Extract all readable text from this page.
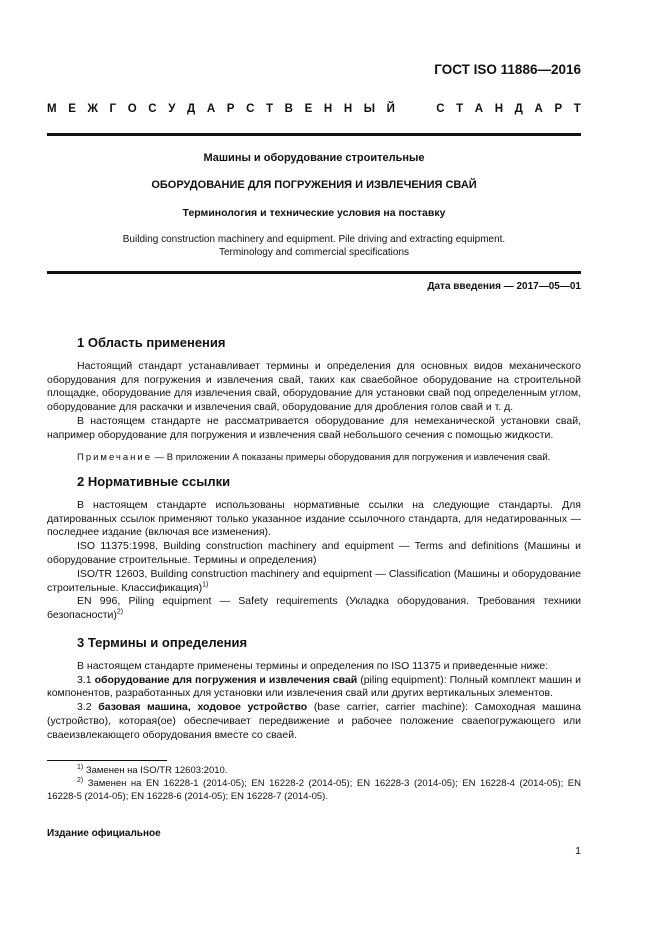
ГОСТ ISO 11886—2016
М Е Ж Г О С У Д А Р С Т В Е Н Н Ы Й

	С Т А Н Д А Р Т
Машины и оборудование строительные
ОБОРУДОВАНИЕ ДЛЯ ПОГРУЖЕНИЯ И ИЗВЛЕЧЕНИЯ СВАЙ
Терминология и технические условия на поставку
Building construction machinery and equipment. Pile driving and extracting equipment.
Terminology and commercial specifications
Дата введения — 2017—05—01
1 Область применения

Настоящий стандарт устанавливает термины и определения для основных видов механического оборудования для погружения и извлечения свай, таких как сваебойное оборудование на строительной площадке, оборудование для извлечения свай, оборудование для установки свай под определенным углом, оборудование для раскачки и извлечения свай, оборудование для дробления голов свай и т. д.

В настоящем стандарте не рассматривается оборудование для немеханической установки свай, например оборудование для погружения и извлечения свай небольшого сечения с помощью жидкости.

Примечание — В приложении А показаны примеры оборудования для погружения и извлечения свай.
2 Нормативные ссылки

В настоящем стандарте использованы нормативные ссылки на следующие стандарты. Для датированных ссылок применяют только указанное издание ссылочного стандарта, для недатированных — последнее издание (включая все изменения).

ISO 11375:1998, Building construction machinery and equipment — Terms and definitions (Машины и оборудование строительные. Термины и определения)

ISO/TR 12603, Building construction machinery and equipment — Classification (Машины и оборудование строительные. Классификация)$^{1)}$

EN 996, Piling equipment — Safety requirements (Укладка оборудования. Требования техники безопасности)$^{2)}$

3 Термины и определения

В настоящем стандарте применены термины и определения по ISO 11375 и приведенные ниже:

3.1 оборудование для погружения и извлечения свай (piling equipment): Полный комплект машин и компонентов, разработанных для установки или извлечения свай или других вертикальных элементов.

3.2 базовая машина, ходовое устройство (base carrier, carrier machine): Самоходная машина (устройство), которая(ое) обеспечивает передвижение и рабочее положение свaепогружающего или сваеизвлекающего оборудования вместе со сваей.

$^{1)}$ Заменен на ISO/TR 12603:2010.

$^{2)}$ Заменен на EN 16228-1 (2014-05); EN 16228-2 (2014-05); EN 16228-3 (2014-05); EN 16228-4 (2014-05); EN 16228-5 (2014-05); EN 16228-6 (2014-05); EN 16228-7 (2014-05).

Издание официальное
1
